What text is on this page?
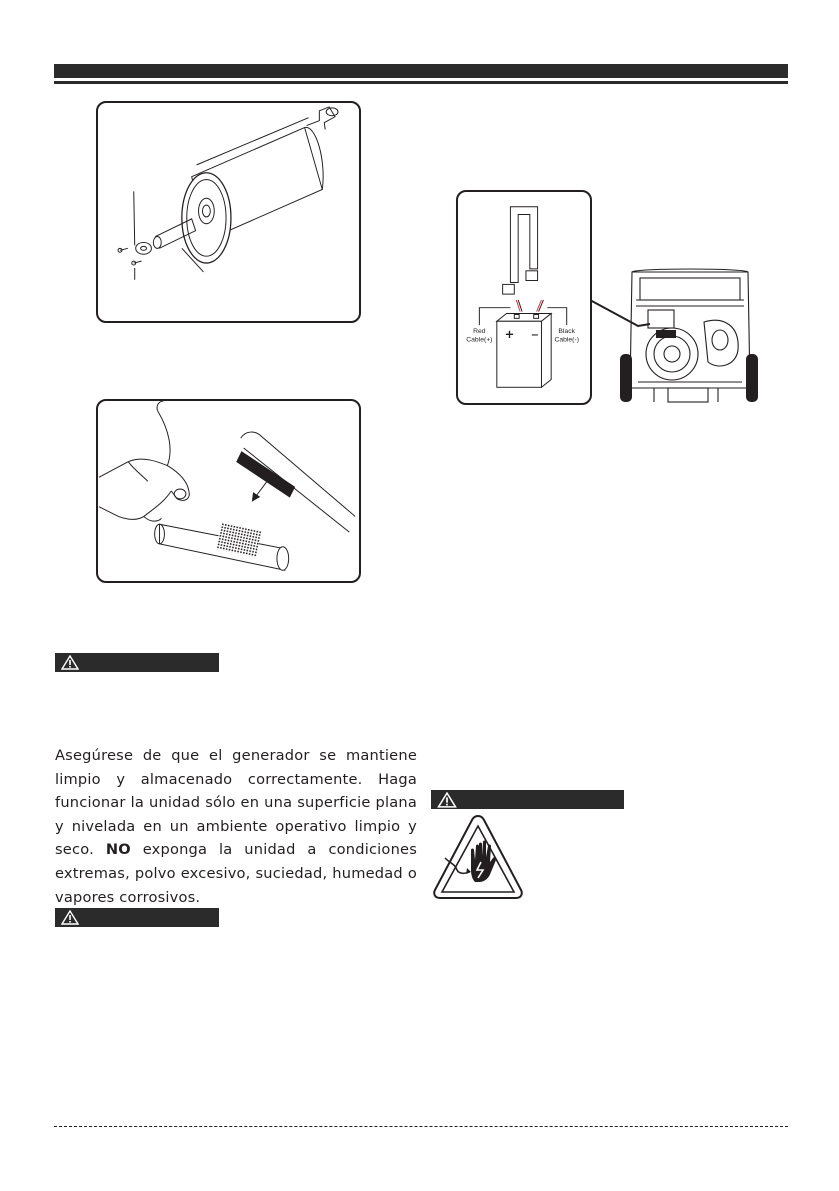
+ −
Red
Cable(+)
Black
Cable(-)

Asegúrese de que el generador se mantiene limpio y almacenado correctamente. Haga funcionar la unidad sólo en una superficie plana y nivelada en un ambiente operativo limpio y seco. NO exponga la unidad a condiciones extremas, polvo excesivo, suciedad, humedad o vapores corrosivos.
